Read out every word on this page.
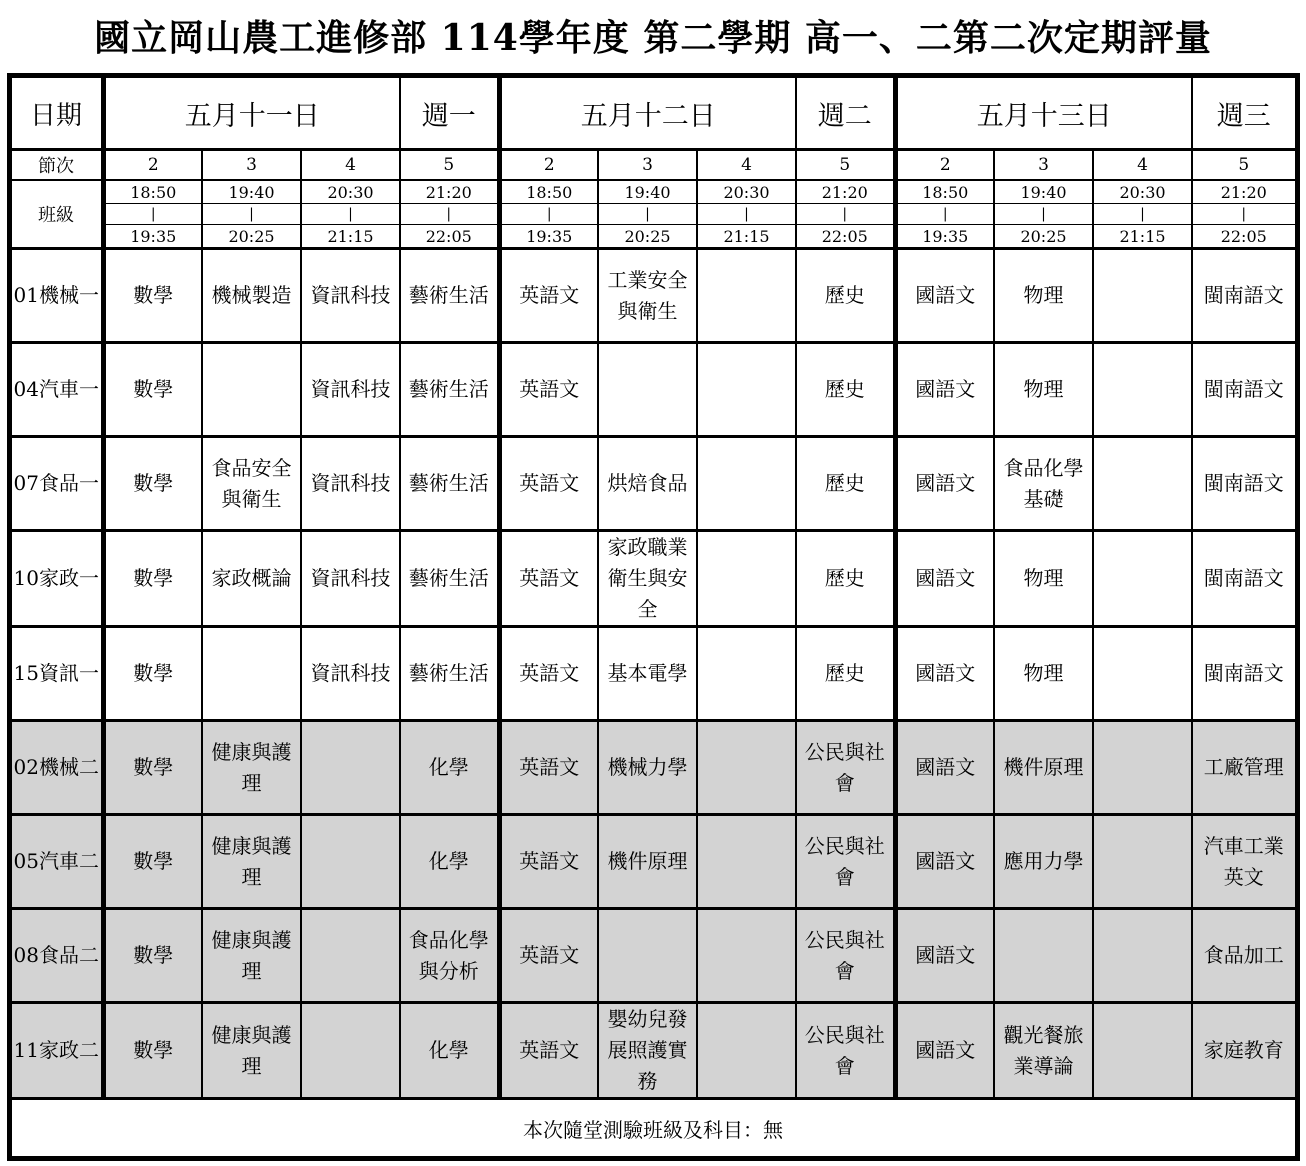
國立岡山農工進修部 114學年度 第二學期 高一、二第二次定期評量
日期	五月十一日			週一	五月十二日			週二	五月十三日			週三
節次	2	3	4	5	2	3	4	5	2	3	4	5
班級	18:50	19:40	20:30	21:20	18:50	19:40	20:30	21:20	18:50	19:40	20:30	21:20
	|	|	|	|	|	|	|	|	|	|	|	|
	19:35	20:25	21:15	22:05	19:35	20:25	21:15	22:05	19:35	20:25	21:15	22:05
01機械一	數學	機械製造	資訊科技	藝術生活	英語文	工業安全與衛生		歷史	國語文	物理		閩南語文
04汽車一	數學		資訊科技	藝術生活	英語文			歷史	國語文	物理		閩南語文
07食品一	數學	食品安全與衛生	資訊科技	藝術生活	英語文	烘焙食品		歷史	國語文	食品化學基礎		閩南語文
10家政一	數學	家政概論	資訊科技	藝術生活	英語文	家政職業衛生與安全		歷史	國語文	物理		閩南語文
15資訊一	數學		資訊科技	藝術生活	英語文	基本電學		歷史	國語文	物理		閩南語文
02機械二	數學	健康與護理		化學	英語文	機械力學		公民與社會	國語文	機件原理		工廠管理
05汽車二	數學	健康與護理		化學	英語文	機件原理		公民與社會	國語文	應用力學		汽車工業英文
08食品二	數學	健康與護理		食品化學與分析	英語文			公民與社會	國語文			食品加工
11家政二	數學	健康與護理		化學	英語文	嬰幼兒發展照護實務		公民與社會	國語文	觀光餐旅業導論		家庭教育
本次隨堂測驗班級及科目：無												
